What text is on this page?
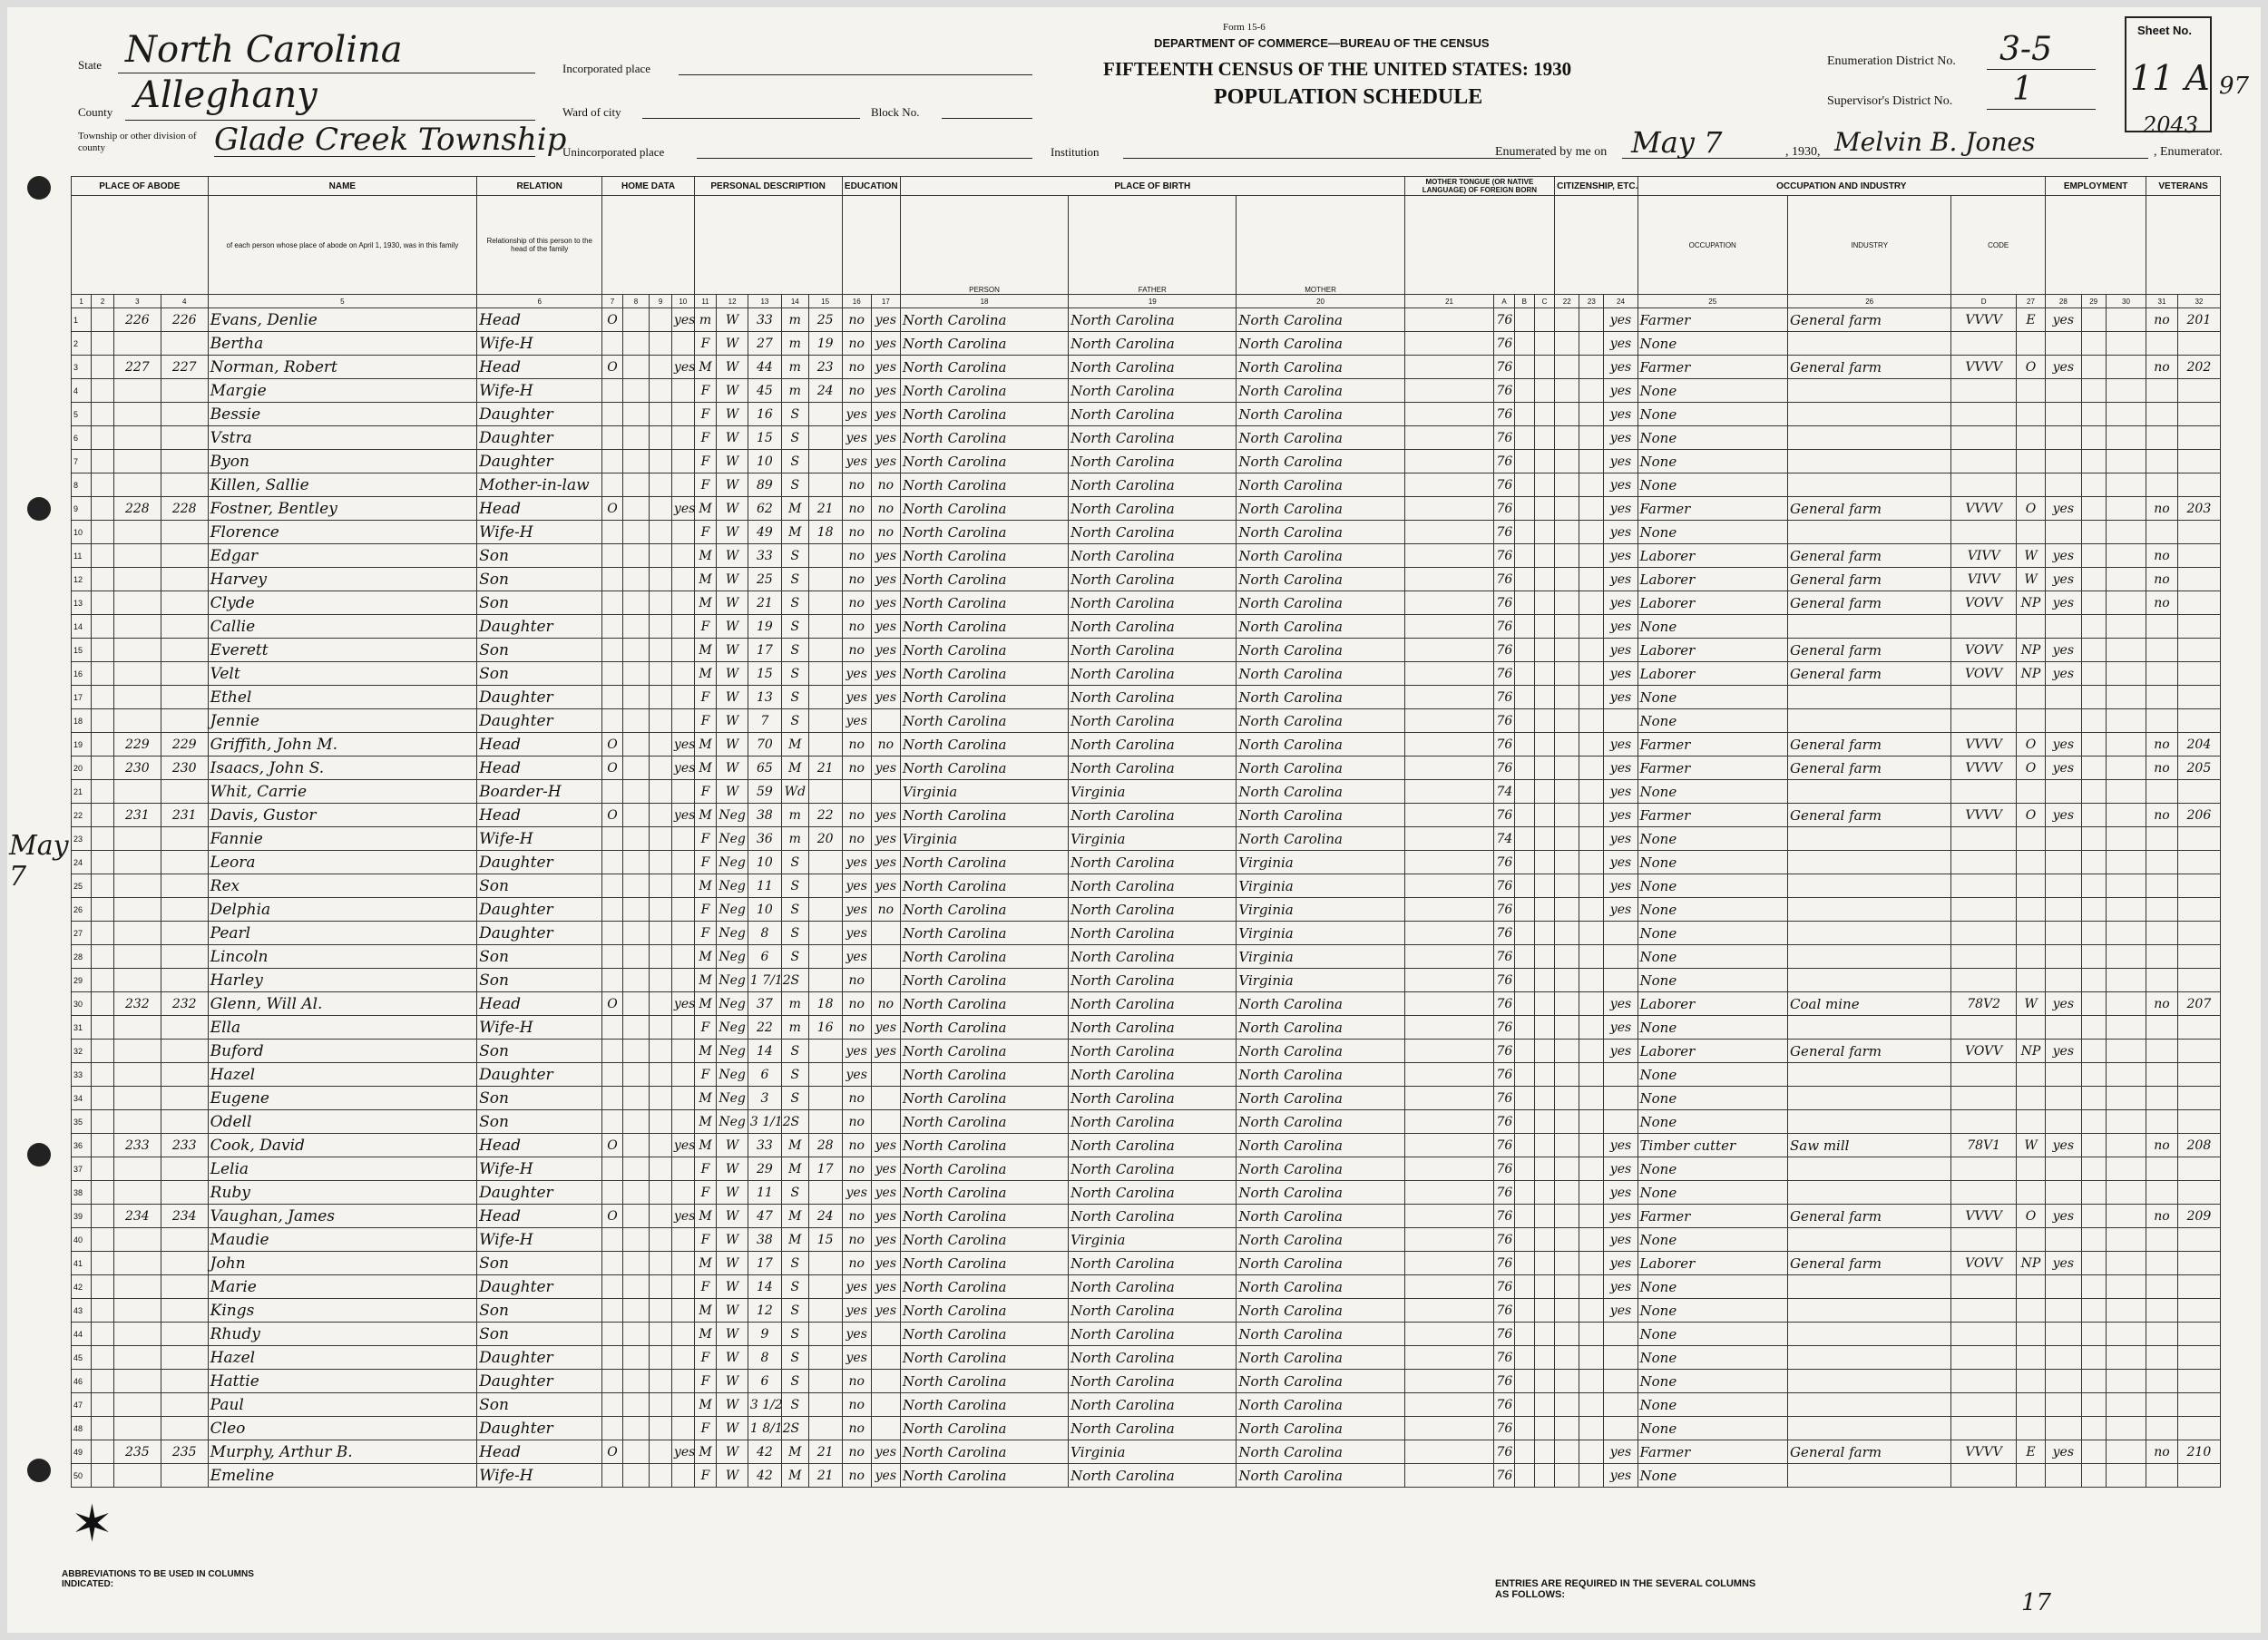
Form 15-6
DEPARTMENT OF COMMERCE—BUREAU OF THE CENSUS
FIFTEENTH CENSUS OF THE UNITED STATES: 1930
POPULATION SCHEDULE
State North Carolina
County Alleghany
Township or other division of county	Glade Creek Township
Incorporated place
Ward of city	Block No.
Unincorporated place	Institution
Enumeration District No. 3-5
Supervisor's District No. 1
Sheet No.
11 A 97
2043
Enumerated by me on May 7	, 1930, Melvin B. Jones	, Enumerator.
May 7
PLACE OF ABODE				NAME	RELATION	HOME DATA				PERSONAL DESCRIPTION					EDUCATION		PLACE OF BIRTH			MOTHER TONGUE (OR NATIVE LANGUAGE) OF FOREIGN BORN				CITIZENSHIP, ETC.			OCCUPATION AND INDUSTRY				EMPLOYMENT			VETERANS	
				of each person whose place of abode on April 1, 1930, was in this family	Relationship of this person to the head of the family												PERSON	FATHER	MOTHER								OCCUPATION	INDUSTRY	CODE						
1	2	3	4	5	6	7	8	9	10	11	12	13	14	15	16	17	18	19	20	21	A	B	C	22	23	24	25	26	D	27	28	29	30	31	32
1		226	226	Evans, Denlie	Head	O			yes	m	W	33	m	25	no	yes	North Carolina	North Carolina	North Carolina		76					yes	Farmer	General farm	VVVV	E	yes			no	201
2				Bertha	Wife-H					F	W	27	m	19	no	yes	North Carolina	North Carolina	North Carolina		76					yes	None								
3		227	227	Norman, Robert	Head	O			yes	M	W	44	m	23	no	yes	North Carolina	North Carolina	North Carolina		76					yes	Farmer	General farm	VVVV	O	yes			no	202
4				Margie	Wife-H					F	W	45	m	24	no	yes	North Carolina	North Carolina	North Carolina		76					yes	None								
5				Bessie	Daughter					F	W	16	S		yes	yes	North Carolina	North Carolina	North Carolina		76					yes	None								
6				Vstra	Daughter					F	W	15	S		yes	yes	North Carolina	North Carolina	North Carolina		76					yes	None								
7				Byon	Daughter					F	W	10	S		yes	yes	North Carolina	North Carolina	North Carolina		76					yes	None								
8				Killen, Sallie	Mother-in-law					F	W	89	S		no	no	North Carolina	North Carolina	North Carolina		76					yes	None								
9		228	228	Fostner, Bentley	Head	O			yes	M	W	62	M	21	no	no	North Carolina	North Carolina	North Carolina		76					yes	Farmer	General farm	VVVV	O	yes			no	203
10				Florence	Wife-H					F	W	49	M	18	no	no	North Carolina	North Carolina	North Carolina		76					yes	None								
11				Edgar	Son					M	W	33	S		no	yes	North Carolina	North Carolina	North Carolina		76					yes	Laborer	General farm	VIVV	W	yes			no	
12				Harvey	Son					M	W	25	S		no	yes	North Carolina	North Carolina	North Carolina		76					yes	Laborer	General farm	VIVV	W	yes			no	
13				Clyde	Son					M	W	21	S		no	yes	North Carolina	North Carolina	North Carolina		76					yes	Laborer	General farm	VOVV	NP	yes			no	
14				Callie	Daughter					F	W	19	S		no	yes	North Carolina	North Carolina	North Carolina		76					yes	None								
15				Everett	Son					M	W	17	S		no	yes	North Carolina	North Carolina	North Carolina		76					yes	Laborer	General farm	VOVV	NP	yes				
16				Velt	Son					M	W	15	S		yes	yes	North Carolina	North Carolina	North Carolina		76					yes	Laborer	General farm	VOVV	NP	yes				
17				Ethel	Daughter					F	W	13	S		yes	yes	North Carolina	North Carolina	North Carolina		76					yes	None								
18				Jennie	Daughter					F	W	7	S		yes		North Carolina	North Carolina	North Carolina		76						None								
19		229	229	Griffith, John M.	Head	O			yes	M	W	70	M		no	no	North Carolina	North Carolina	North Carolina		76					yes	Farmer	General farm	VVVV	O	yes			no	204
20		230	230	Isaacs, John S.	Head	O			yes	M	W	65	M	21	no	yes	North Carolina	North Carolina	North Carolina		76					yes	Farmer	General farm	VVVV	O	yes			no	205
21				Whit, Carrie	Boarder-H					F	W	59	Wd				Virginia	Virginia	North Carolina		74					yes	None								
22		231	231	Davis, Gustor	Head	O			yes	M	Neg	38	m	22	no	yes	North Carolina	North Carolina	North Carolina		76					yes	Farmer	General farm	VVVV	O	yes			no	206
23				Fannie	Wife-H					F	Neg	36	m	20	no	yes	Virginia	Virginia	North Carolina		74					yes	None								
24				Leora	Daughter					F	Neg	10	S		yes	yes	North Carolina	North Carolina	Virginia		76					yes	None								
25				Rex	Son					M	Neg	11	S		yes	yes	North Carolina	North Carolina	Virginia		76					yes	None								
26				Delphia	Daughter					F	Neg	10	S		yes	no	North Carolina	North Carolina	Virginia		76					yes	None								
27				Pearl	Daughter					F	Neg	8	S		yes		North Carolina	North Carolina	Virginia		76						None								
28				Lincoln	Son					M	Neg	6	S		yes		North Carolina	North Carolina	Virginia		76						None								
29				Harley	Son					M	Neg	1 7/12	S		no		North Carolina	North Carolina	Virginia		76						None								
30		232	232	Glenn, Will Al.	Head	O			yes	M	Neg	37	m	18	no	no	North Carolina	North Carolina	North Carolina		76					yes	Laborer	Coal mine	78V2	W	yes			no	207
31				Ella	Wife-H					F	Neg	22	m	16	no	yes	North Carolina	North Carolina	North Carolina		76					yes	None								
32				Buford	Son					M	Neg	14	S		yes	yes	North Carolina	North Carolina	North Carolina		76					yes	Laborer	General farm	VOVV	NP	yes				
33				Hazel	Daughter					F	Neg	6	S		yes		North Carolina	North Carolina	North Carolina		76						None								
34				Eugene	Son					M	Neg	3	S		no		North Carolina	North Carolina	North Carolina		76						None								
35				Odell	Son					M	Neg	3 1/12	S		no		North Carolina	North Carolina	North Carolina		76						None								
36		233	233	Cook, David	Head	O			yes	M	W	33	M	28	no	yes	North Carolina	North Carolina	North Carolina		76					yes	Timber cutter	Saw mill	78V1	W	yes			no	208
37				Lelia	Wife-H					F	W	29	M	17	no	yes	North Carolina	North Carolina	North Carolina		76					yes	None								
38				Ruby	Daughter					F	W	11	S		yes	yes	North Carolina	North Carolina	North Carolina		76					yes	None								
39		234	234	Vaughan, James	Head	O			yes	M	W	47	M	24	no	yes	North Carolina	North Carolina	North Carolina		76					yes	Farmer	General farm	VVVV	O	yes			no	209
40				Maudie	Wife-H					F	W	38	M	15	no	yes	North Carolina	Virginia	North Carolina		76					yes	None								
41				John	Son					M	W	17	S		no	yes	North Carolina	North Carolina	North Carolina		76					yes	Laborer	General farm	VOVV	NP	yes				
42				Marie	Daughter					F	W	14	S		yes	yes	North Carolina	North Carolina	North Carolina		76					yes	None								
43				Kings	Son					M	W	12	S		yes	yes	North Carolina	North Carolina	North Carolina		76					yes	None								
44				Rhudy	Son					M	W	9	S		yes		North Carolina	North Carolina	North Carolina		76						None								
45				Hazel	Daughter					F	W	8	S		yes		North Carolina	North Carolina	North Carolina		76						None								
46				Hattie	Daughter					F	W	6	S		no		North Carolina	North Carolina	North Carolina		76						None								
47				Paul	Son					M	W	3 1/2	S		no		North Carolina	North Carolina	North Carolina		76						None								
48				Cleo	Daughter					F	W	1 8/12	S		no		North Carolina	North Carolina	North Carolina		76						None								
49		235	235	Murphy, Arthur B.	Head	O			yes	M	W	42	M	21	no	yes	North Carolina	Virginia	North Carolina		76					yes	Farmer	General farm	VVVV	E	yes			no	210
50				Emeline	Wife-H					F	W	42	M	21	no	yes	North Carolina	North Carolina	North Carolina		76					yes	None								
✶
ABBREVIATIONS TO BE USED IN COLUMNS INDICATED:	ENTRIES ARE REQUIRED IN THE SEVERAL COLUMNS AS FOLLOWS:	17
